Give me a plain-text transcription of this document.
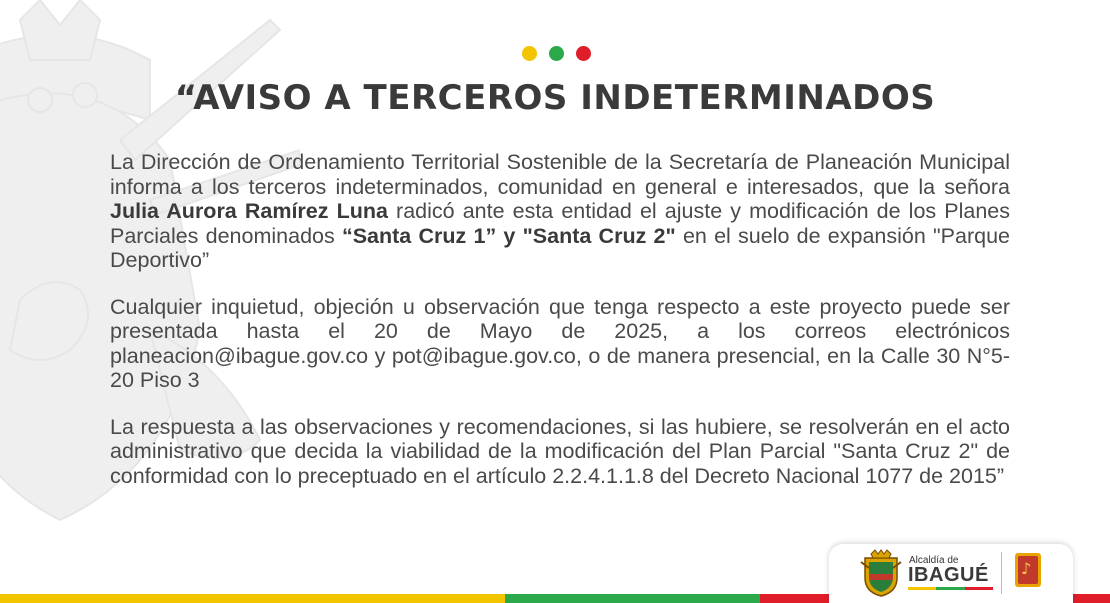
“AVISO A TERCEROS INDETERMINADOS

La Dirección de Ordenamiento Territorial Sostenible de la Secretaría de Planeación Municipal informa a los terceros indeterminados, comunidad en general e interesados, que la señora Julia Aurora Ramírez Luna radicó ante esta entidad el ajuste y modificación de los Planes Parciales denominados “Santa Cruz 1” y "Santa Cruz 2" en el suelo de expansión "Parque Deportivo”

Cualquier inquietud, objeción u observación que tenga respecto a este proyecto puede ser presentada hasta el 20 de Mayo de 2025, a los correos electrónicos planeacion@ibague.gov.co y pot@ibague.gov.co, o de manera presencial, en la Calle 30 N°5-20 Piso 3

La respuesta a las observaciones y recomendaciones, si las hubiere, se resolverán en el acto administrativo que decida la viabilidad de la modificación del Plan Parcial "Santa Cruz 2" de conformidad con lo preceptuado en el artículo 2.2.4.1.1.8 del Decreto Nacional 1077 de 2015”

Alcaldía de
IBAGUÉ ♪
